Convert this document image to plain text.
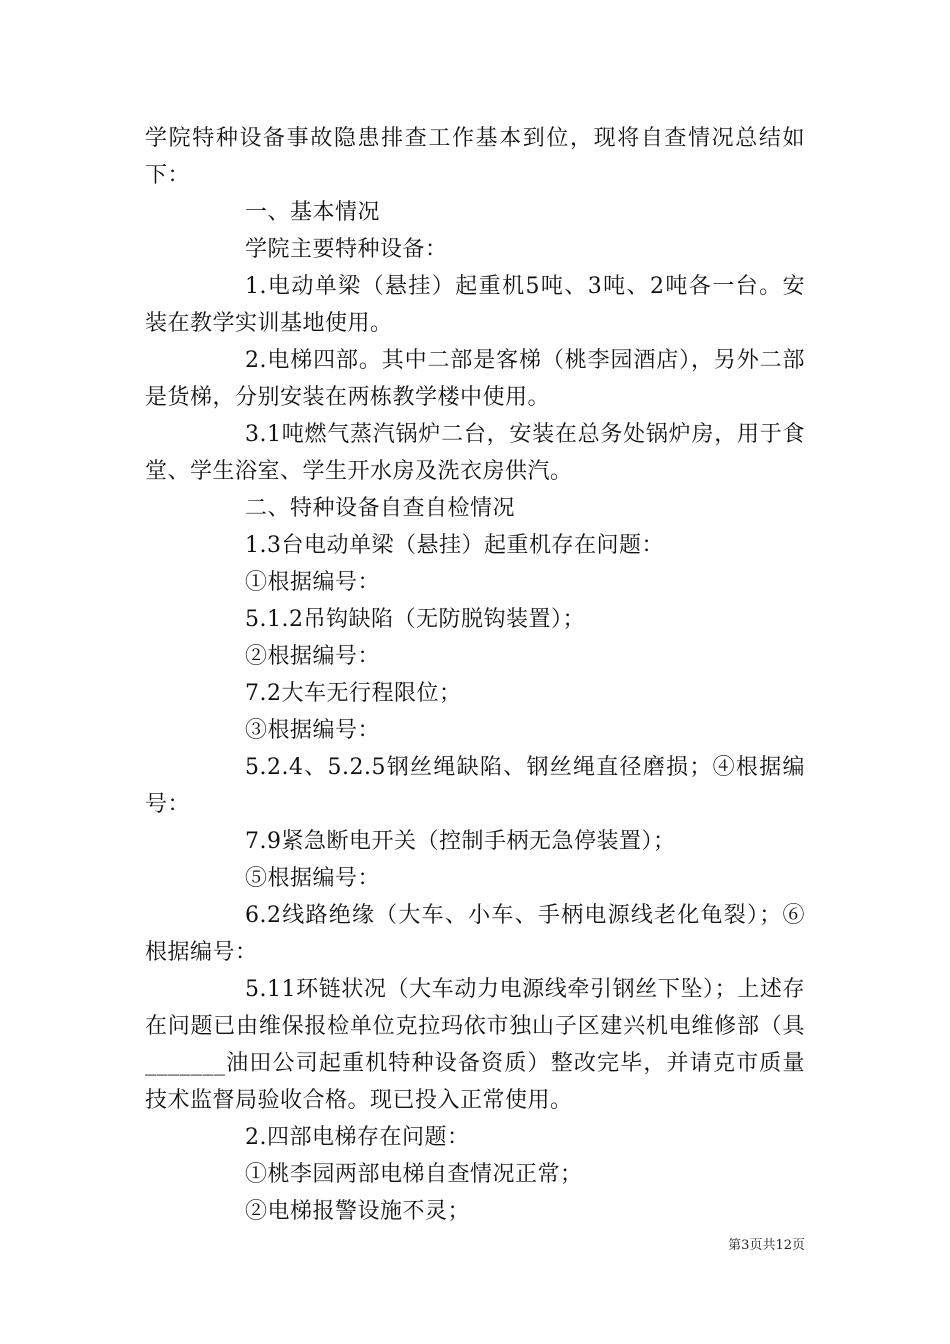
学院特种设备事故隐患排查工作基本到位，现将自查情况总结如下：

一、基本情况

学院主要特种设备：

1.电动单梁（悬挂）起重机5吨、3吨、2吨各一台。安装在教学实训基地使用。

2.电梯四部。其中二部是客梯（桃李园酒店），另外二部是货梯，分别安装在两栋教学楼中使用。

3.1吨燃气蒸汽锅炉二台，安装在总务处锅炉房，用于食堂、学生浴室、学生开水房及洗衣房供汽。

二、特种设备自查自检情况

1.3台电动单梁（悬挂）起重机存在问题：

①根据编号：

5.1.2吊钩缺陷（无防脱钩装置）；

②根据编号：

7.2大车无行程限位；

③根据编号：

5.2.4、5.2.5钢丝绳缺陷、钢丝绳直径磨损；④根据编号：

7.9紧急断电开关（控制手柄无急停装置）；

⑤根据编号：

6.2线路绝缘（大车、小车、手柄电源线老化龟裂）；⑥根据编号：

5.11环链状况（大车动力电源线牵引钢丝下坠）；上述存在问题已由维保报检单位克拉玛依市独山子区建兴机电维修部（具_______油田公司起重机特种设备资质）整改完毕，并请克市质量技术监督局验收合格。现已投入正常使用。

2.四部电梯存在问题：

①桃李园两部电梯自查情况正常；

②电梯报警设施不灵；

第3页共12页
